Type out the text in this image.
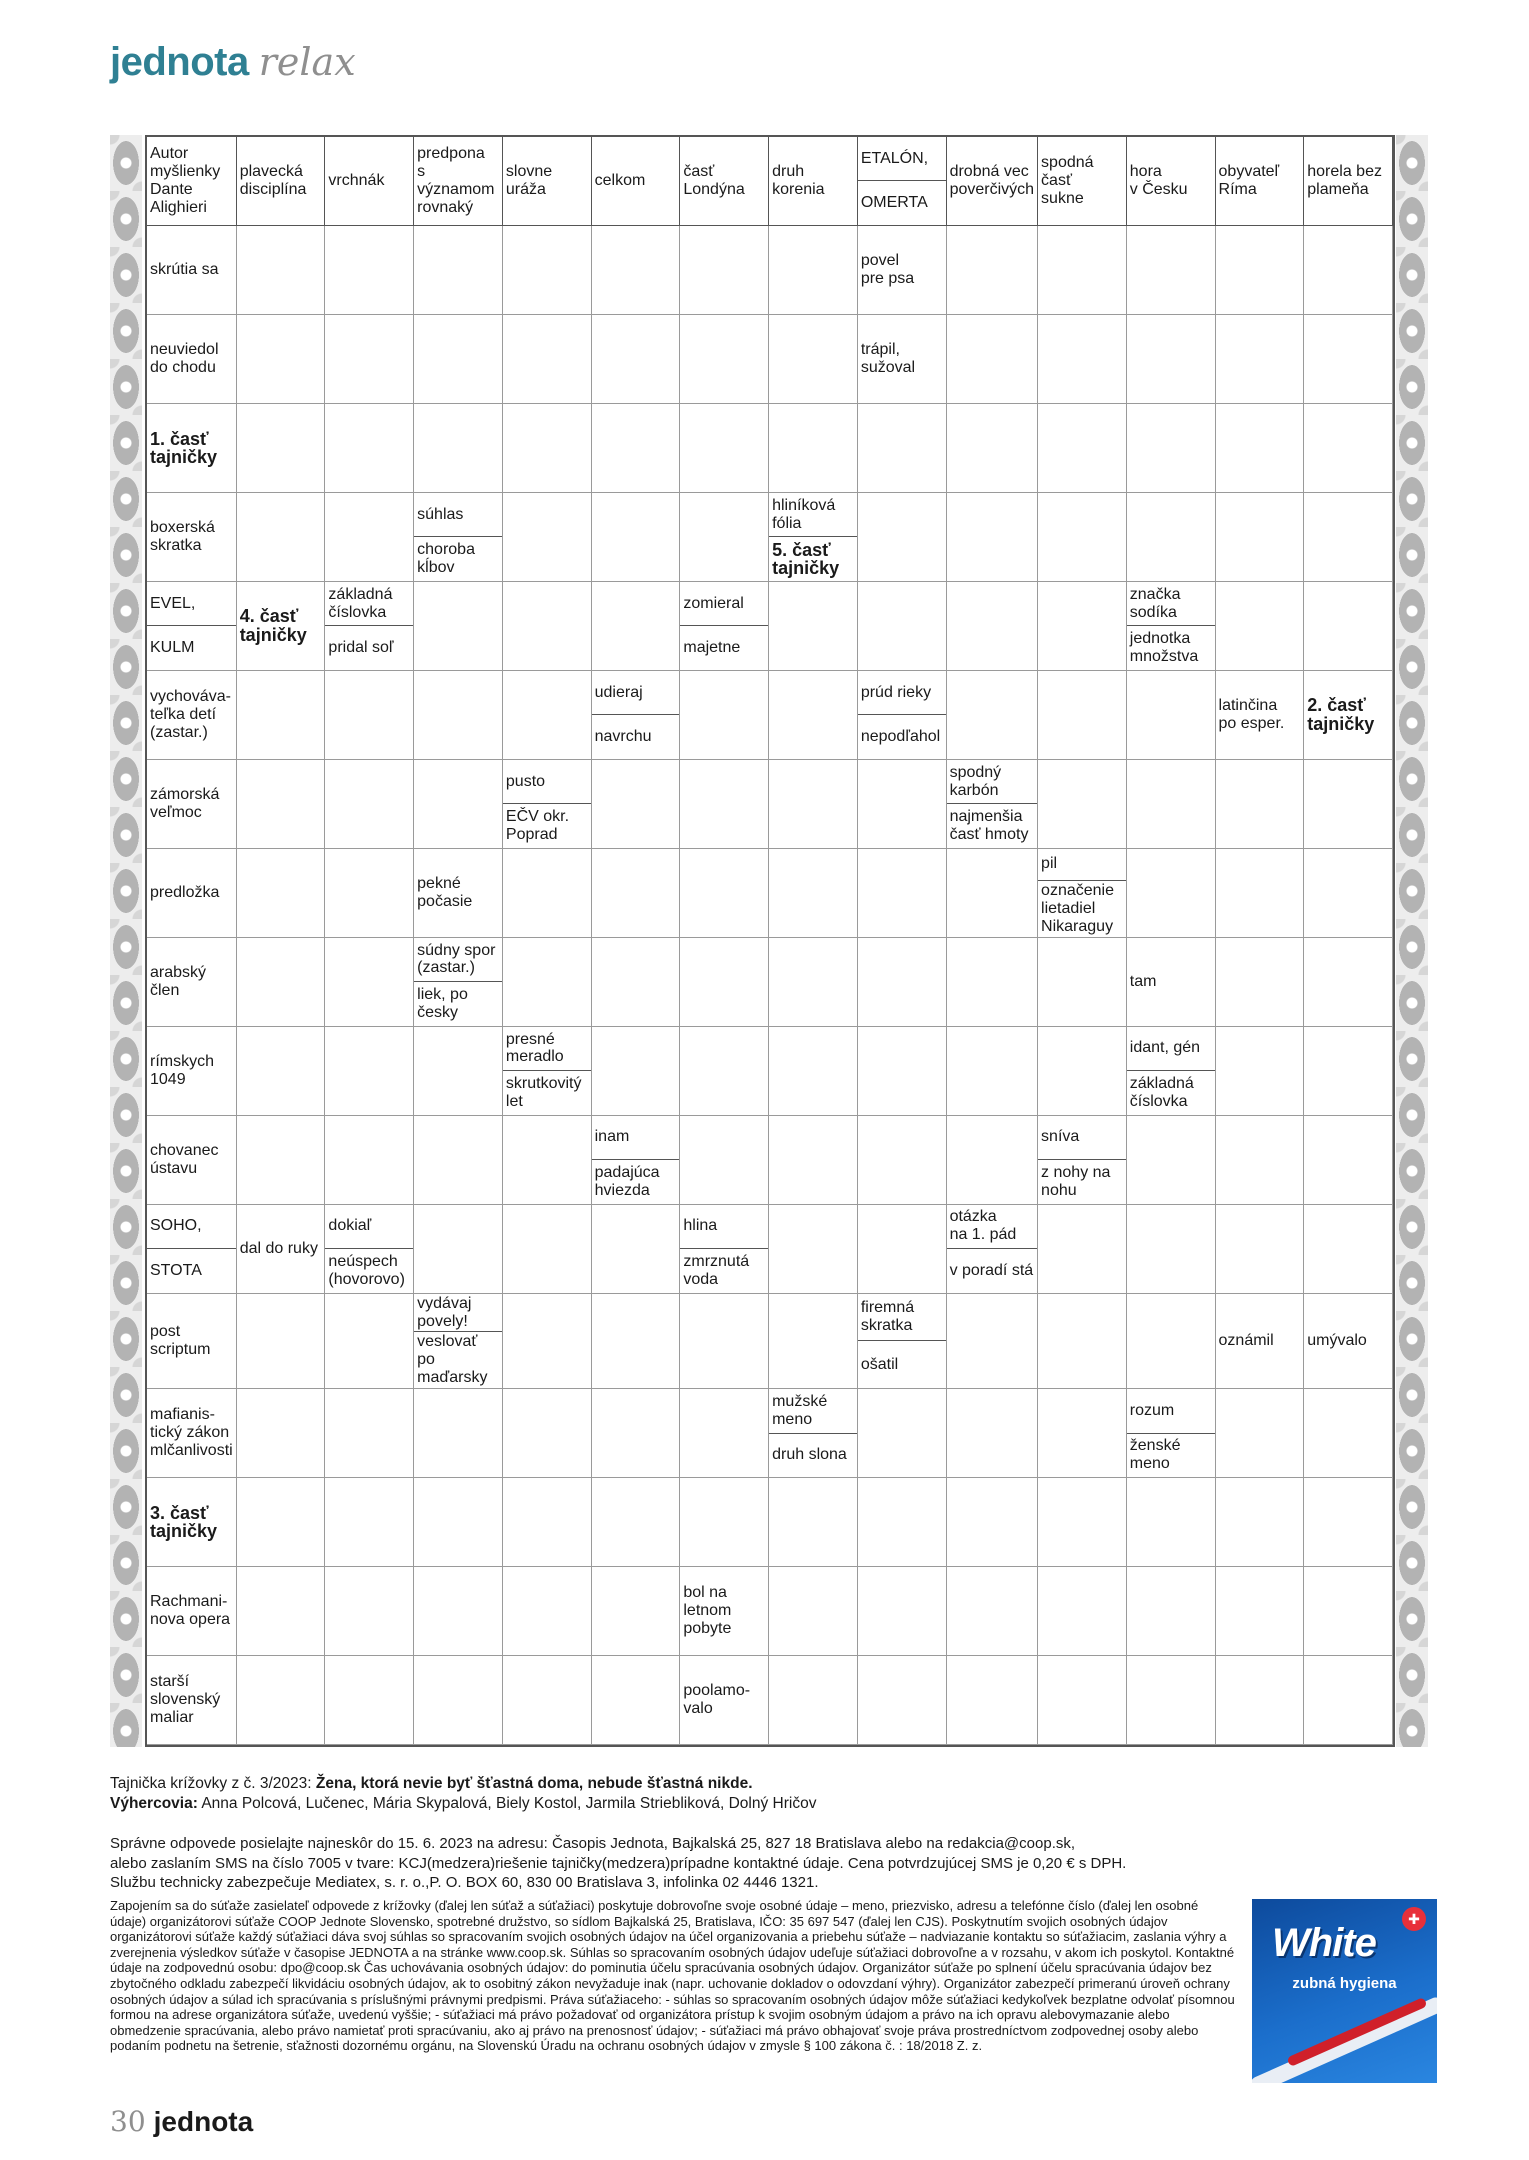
jednota relax
Autor
myšlienky
Dante
Alighieri
plavecká
disciplína
vrchnák
predpona
s významom
rovnaký
slovne
uráža
celkom
časť
Londýna
druh
korenia
ETALÓN,
OMERTA
drobná vec
poverčivých
spodná časť
sukne
hora
v Česku
obyvateľ
Ríma
horela bez
plameňa
skrútia sa
povel
pre psa
neuviedol
do chodu
trápil,
sužoval
1. časť
tajničky
boxerská
skratka
súhlas
choroba
kĺbov
hliníková
fólia
5. časť
tajničky
EVEL,
KULM
4. časť
tajničky
základná
číslovka
pridal soľ
zomieral
majetne
značka
sodíka
jednotka
množstva
vychováva-
teľka detí
(zastar.)
udieraj
navrchu
prúd rieky
nepodľahol
latinčina
po esper.
2. časť
tajničky
zámorská
veľmoc
pusto
EČV okr.
Poprad
spodný
karbón
najmenšia
časť hmoty
predložka
pekné
počasie
pil
označenie
lietadiel
Nikaraguy
arabský člen
súdny spor
(zastar.)
liek, po
česky
tam
rímskych
1049
presné
meradlo
skrutkovitý
let
idant, gén
základná
číslovka
chovanec
ústavu
inam
padajúca
hviezda
sníva
z nohy na
nohu
SOHO,
STOTA
dal do ruky
dokiaľ
neúspech
(hovorovo)
hlina
zmrznutá
voda
otázka
na 1. pád
v poradí stá
post
scriptum
vydávaj
povely!
veslovať po
maďarsky
firemná
skratka
ošatil
oznámil	umývalo
mafianis-
tický zákon
mlčanlivosti
mužské
meno
druh slona
rozum
ženské
meno
3. časť
tajničky
Rachmani-
nova opera
bol na
letnom
pobyte
starší
slovenský
maliar
poolamo-
valo

Tajnička krížovky z č. 3/2023: Žena, ktorá nevie byť šťastná doma, nebude šťastná nikde.

Výhercovia: Anna Polcová, Lučenec, Mária Skypalová, Biely Kostol, Jarmila Striebliková, Dolný Hričov

Správne odpovede posielajte najneskôr do 15. 6. 2023 na adresu: Časopis Jednota, Bajkalská 25, 827 18 Bratislava alebo na redakcia@coop.sk,

alebo zaslaním SMS na číslo 7005 v tvare: KCJ(medzera)riešenie tajničky(medzera)prípadne kontaktné údaje. Cena potvrdzujúcej SMS je 0,20 € s DPH.

Službu technicky zabezpečuje Mediatex, s. r. o.,P. O. BOX 60, 830 00 Bratislava 3, infolinka 02 4446 1321.

Zapojením sa do súťaže zasielateľ odpovede z krížovky (ďalej len súťaž a súťažiaci) poskytuje dobrovoľne svoje osobné údaje – meno, priezvisko, adresu a telefónne číslo (ďalej len osobné údaje) organizátorovi súťaže COOP Jednote Slovensko, spotrebné družstvo, so sídlom Bajkalská 25, Bratislava, IČO: 35 697 547 (ďalej len CJS). Poskytnutím svojich osobných údajov organizátorovi súťaže každý súťažiaci dáva svoj súhlas so spracovaním svojich osobných údajov na účel organizovania a priebehu súťaže – nadviazanie kontaktu so súťažiacim, zaslania výhry a zverejnenia výsledkov súťaže v časopise JEDNOTA a na stránke www.coop.sk. Súhlas so spracovaním osobných údajov udeľuje súťažiaci dobrovoľne a v rozsahu, v akom ich poskytol. Kontaktné údaje na zodpovednú osobu: dpo@coop.sk Čas uchovávania osobných údajov: do pominutia účelu spracúvania osobných údajov. Organizátor súťaže po splnení účelu spracúvania údajov bez zbytočného odkladu zabezpečí likvidáciu osobných údajov, ak to osobitný zákon nevyžaduje inak (napr. uchovanie dokladov o odovzdaní výhry). Organizátor zabezpečí primeranú úroveň ochrany osobných údajov a súlad ich spracúvania s príslušnými právnymi predpismi. Práva súťažiaceho: - súhlas so spracovaním osobných údajov môže súťažiaci kedykoľvek bezplatne odvolať písomnou formou na adrese organizátora súťaže, uvedenú vyššie; - súťažiaci má právo požadovať od organizátora prístup k svojim osobným údajom a právo na ich opravu alebovymazanie alebo obmedzenie spracúvania, alebo právo namietať proti spracúvaniu, ako aj právo na prenosnosť údajov; - súťažiaci má právo obhajovať svoje práva prostredníctvom zodpovednej osoby alebo podaním podnetu na šetrenie, sťažnosti dozornému orgánu, na Slovenskú Úradu na ochranu osobných údajov v zmysle § 100 zákona č. : 18/2018 Z. z.
✚
White
zubná hygiena
30 jednota
